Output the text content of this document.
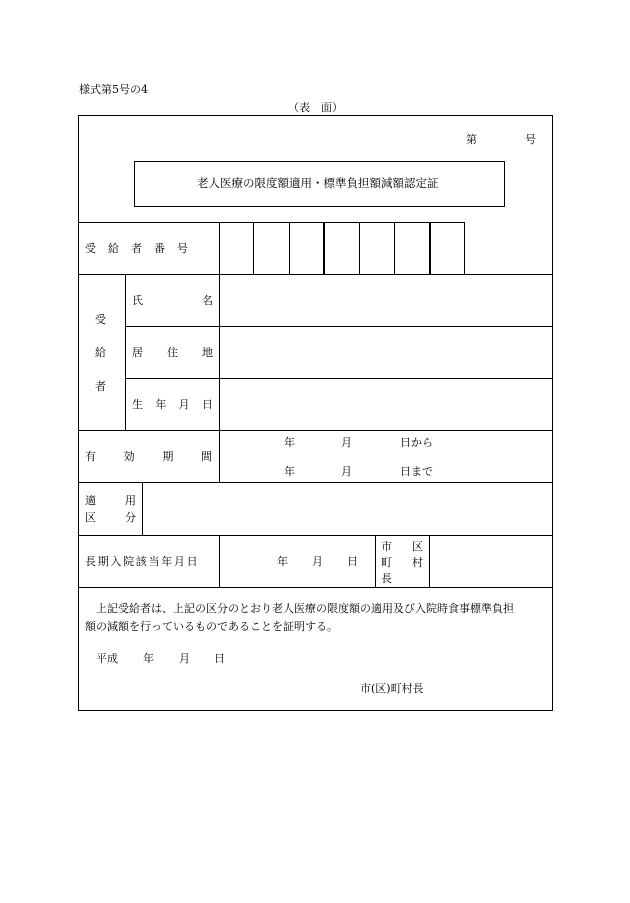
様式第5号の4
（表　面）
第	号
老人医療の限度額適用・標準負担額減額認定証
受　給　者　番　号
受
給
者
氏	名
居 住 地
生 年 月 日
有	効	期	間
年	月	日から
年	月	日まで
適	用
区	分
長期入院該当年月日	年 月 日
市 区
町 村
長
上記受給者は、上記の区分のとおり老人医療の限度額の適用及び入院時食事標準負担
額の減額を行っているものであることを証明する。
平成 年 月 日
市(区)町村長
